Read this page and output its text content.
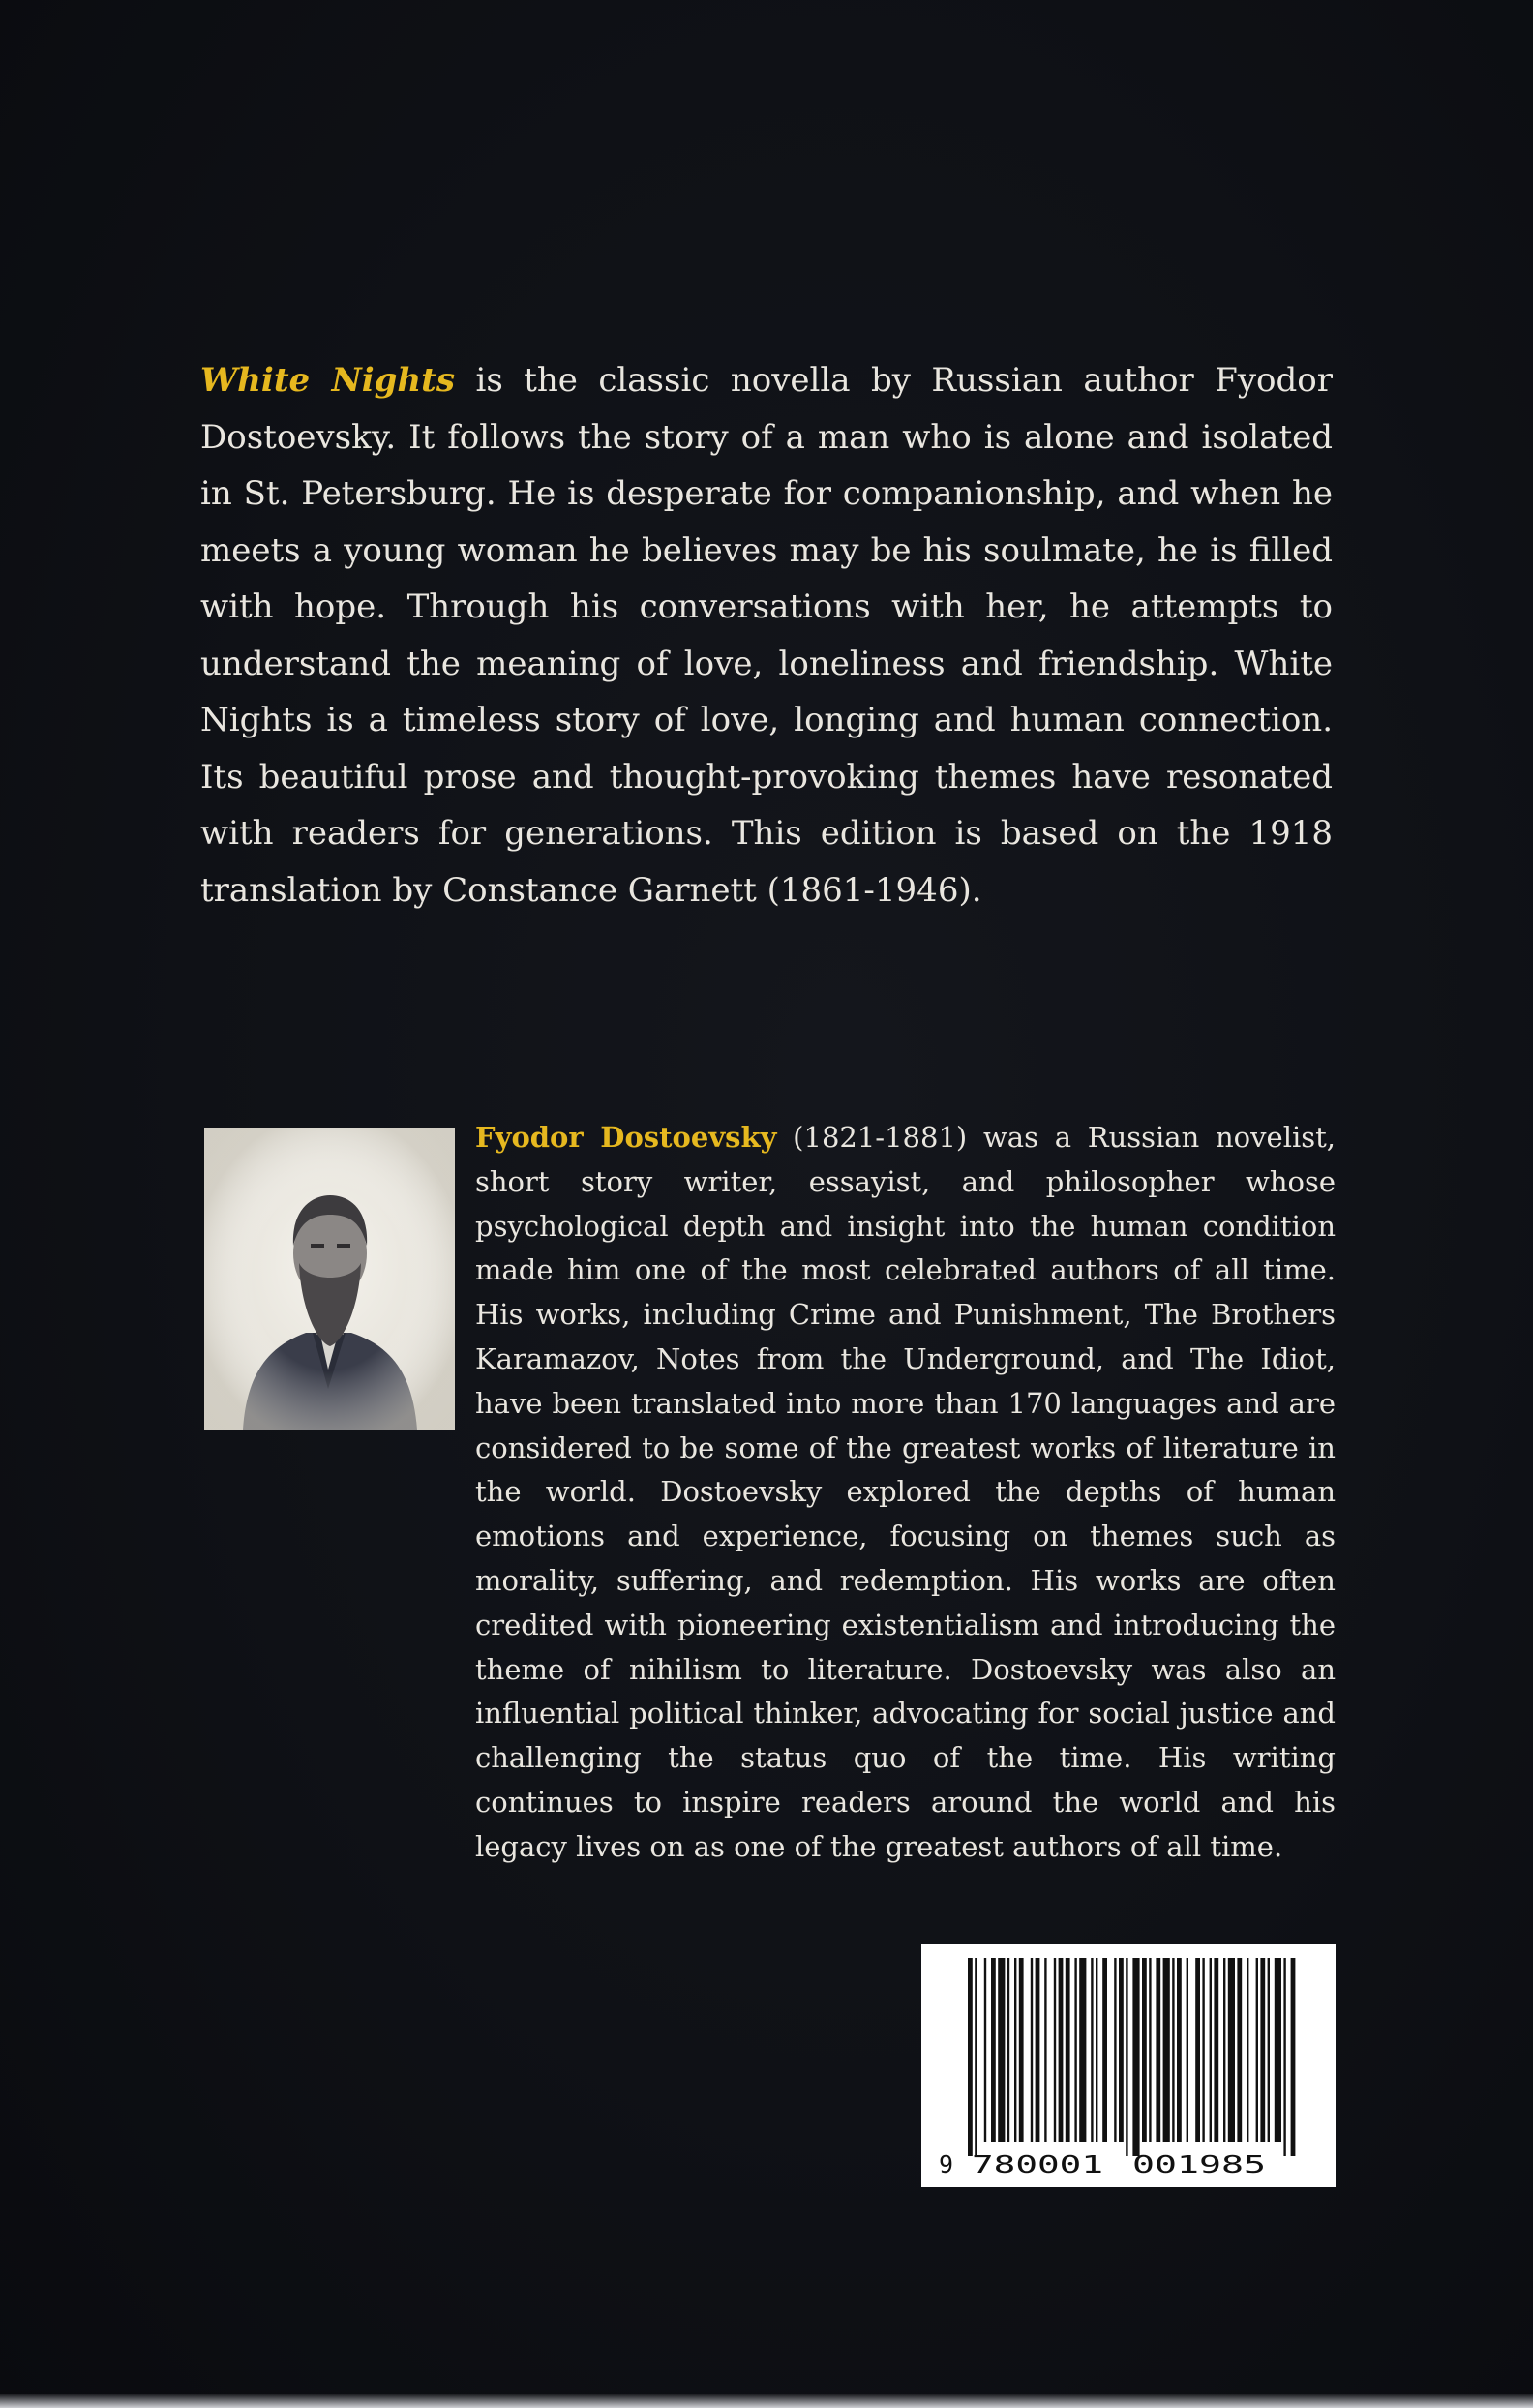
White Nights is the classic novella by Russian author Fyodor Dostoevsky. It follows the story of a man who is alone and isolated in St. Petersburg. He is desperate for companionship, and when he meets a young woman he believes may be his soulmate, he is filled with hope. Through his conversations with her, he attempts to understand the meaning of love, loneliness and friendship. White Nights is a timeless story of love, longing and human connection. Its beautiful prose and thought-provoking themes have resonated with readers for generations. This edition is based on the 1918 translation by Constance Garnett (1861-1946).

Fyodor Dostoevsky (1821-1881) was a Russian novelist, short story writer, essayist, and philosopher whose psychological depth and insight into the human condition made him one of the most celebrated authors of all time. His works, including Crime and Punishment, The Brothers Karamazov, Notes from the Underground, and The Idiot, have been translated into more than 170 languages and are considered to be some of the greatest works of literature in the world. Dostoevsky explored the depths of human emotions and experience, focusing on themes such as morality, suffering, and redemption. His works are often credited with pioneering existentialism and introducing the theme of nihilism to literature. Dostoevsky was also an influential political thinker, advocating for social justice and challenging the status quo of the time. His writing continues to inspire readers around the world and his legacy lives on as one of the greatest authors of all time.

9 780001 001985
